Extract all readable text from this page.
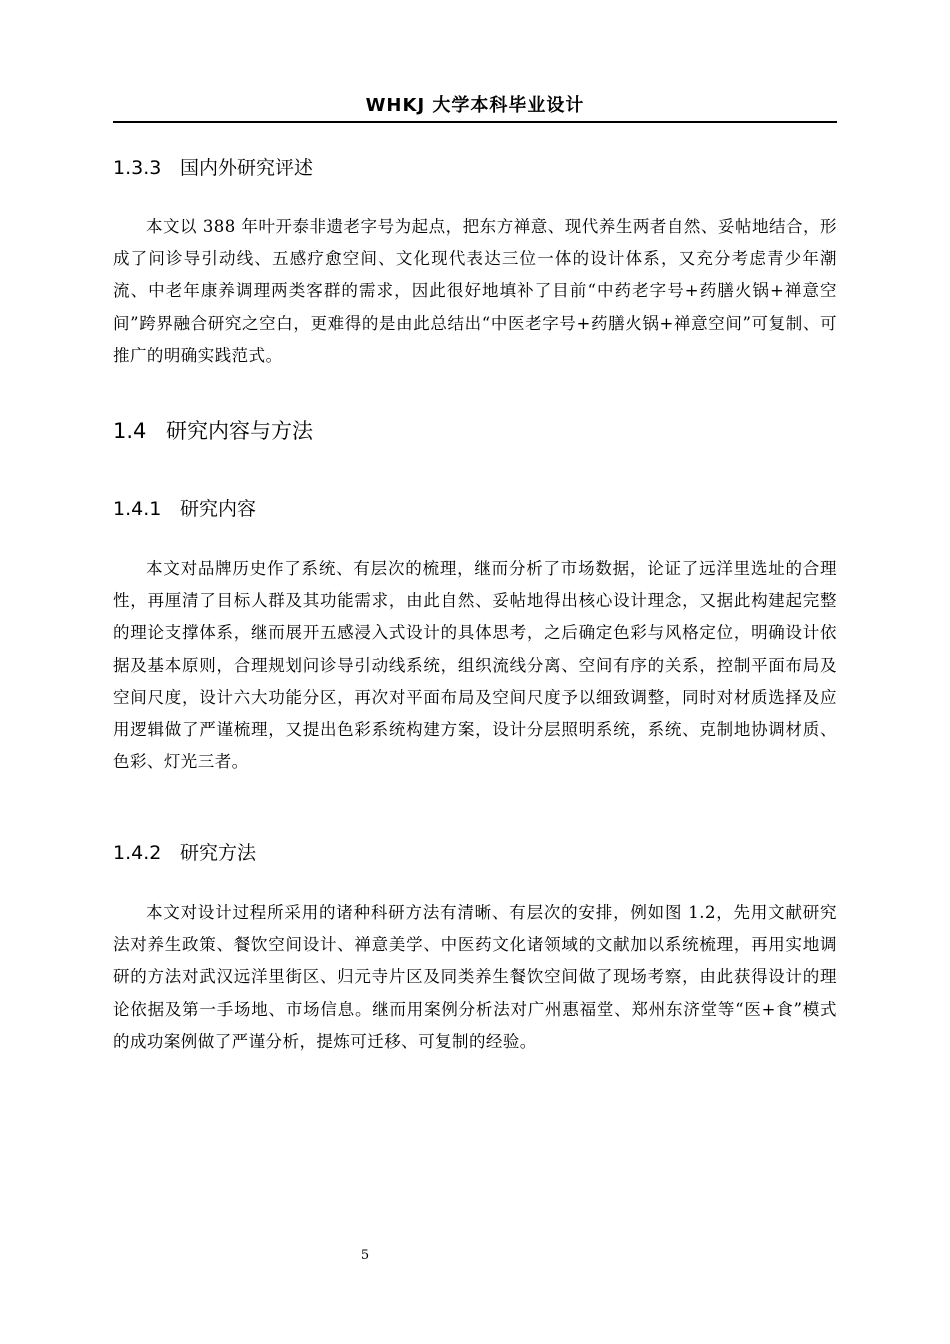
WHKJ 大学本科毕业设计
1.3.3 国内外研究评述

本文以 388 年叶开泰非遗老字号为起点，把东方禅意、现代养生两者自然、妥帖地结合，形成了问诊导引动线、五感疗愈空间、文化现代表达三位一体的设计体系，又充分考虑青少年潮流、中老年康养调理两类客群的需求，因此很好地填补了目前“中药老字号+药膳火锅+禅意空间”跨界融合研究之空白，更难得的是由此总结出“中医老字号+药膳火锅+禅意空间”可复制、可推广的明确实践范式。

1.4 研究内容与方法
1.4.1 研究内容

本文对品牌历史作了系统、有层次的梳理，继而分析了市场数据，论证了远洋里选址的合理性，再厘清了目标人群及其功能需求，由此自然、妥帖地得出核心设计理念，又据此构建起完整的理论支撑体系，继而展开五感浸入式设计的具体思考，之后确定色彩与风格定位，明确设计依据及基本原则，合理规划问诊导引动线系统，组织流线分离、空间有序的关系，控制平面布局及空间尺度，设计六大功能分区，再次对平面布局及空间尺度予以细致调整，同时对材质选择及应用逻辑做了严谨梳理，又提出色彩系统构建方案，设计分层照明系统，系统、克制地协调材质、色彩、灯光三者。

1.4.2 研究方法

本文对设计过程所采用的诸种科研方法有清晰、有层次的安排，例如图 1.2，先用文献研究法对养生政策、餐饮空间设计、禅意美学、中医药文化诸领域的文献加以系统梳理，再用实地调研的方法对武汉远洋里街区、归元寺片区及同类养生餐饮空间做了现场考察，由此获得设计的理论依据及第一手场地、市场信息。继而用案例分析法对广州惠福堂、郑州东济堂等“医+食”模式的成功案例做了严谨分析，提炼可迁移、可复制的经验。

5
